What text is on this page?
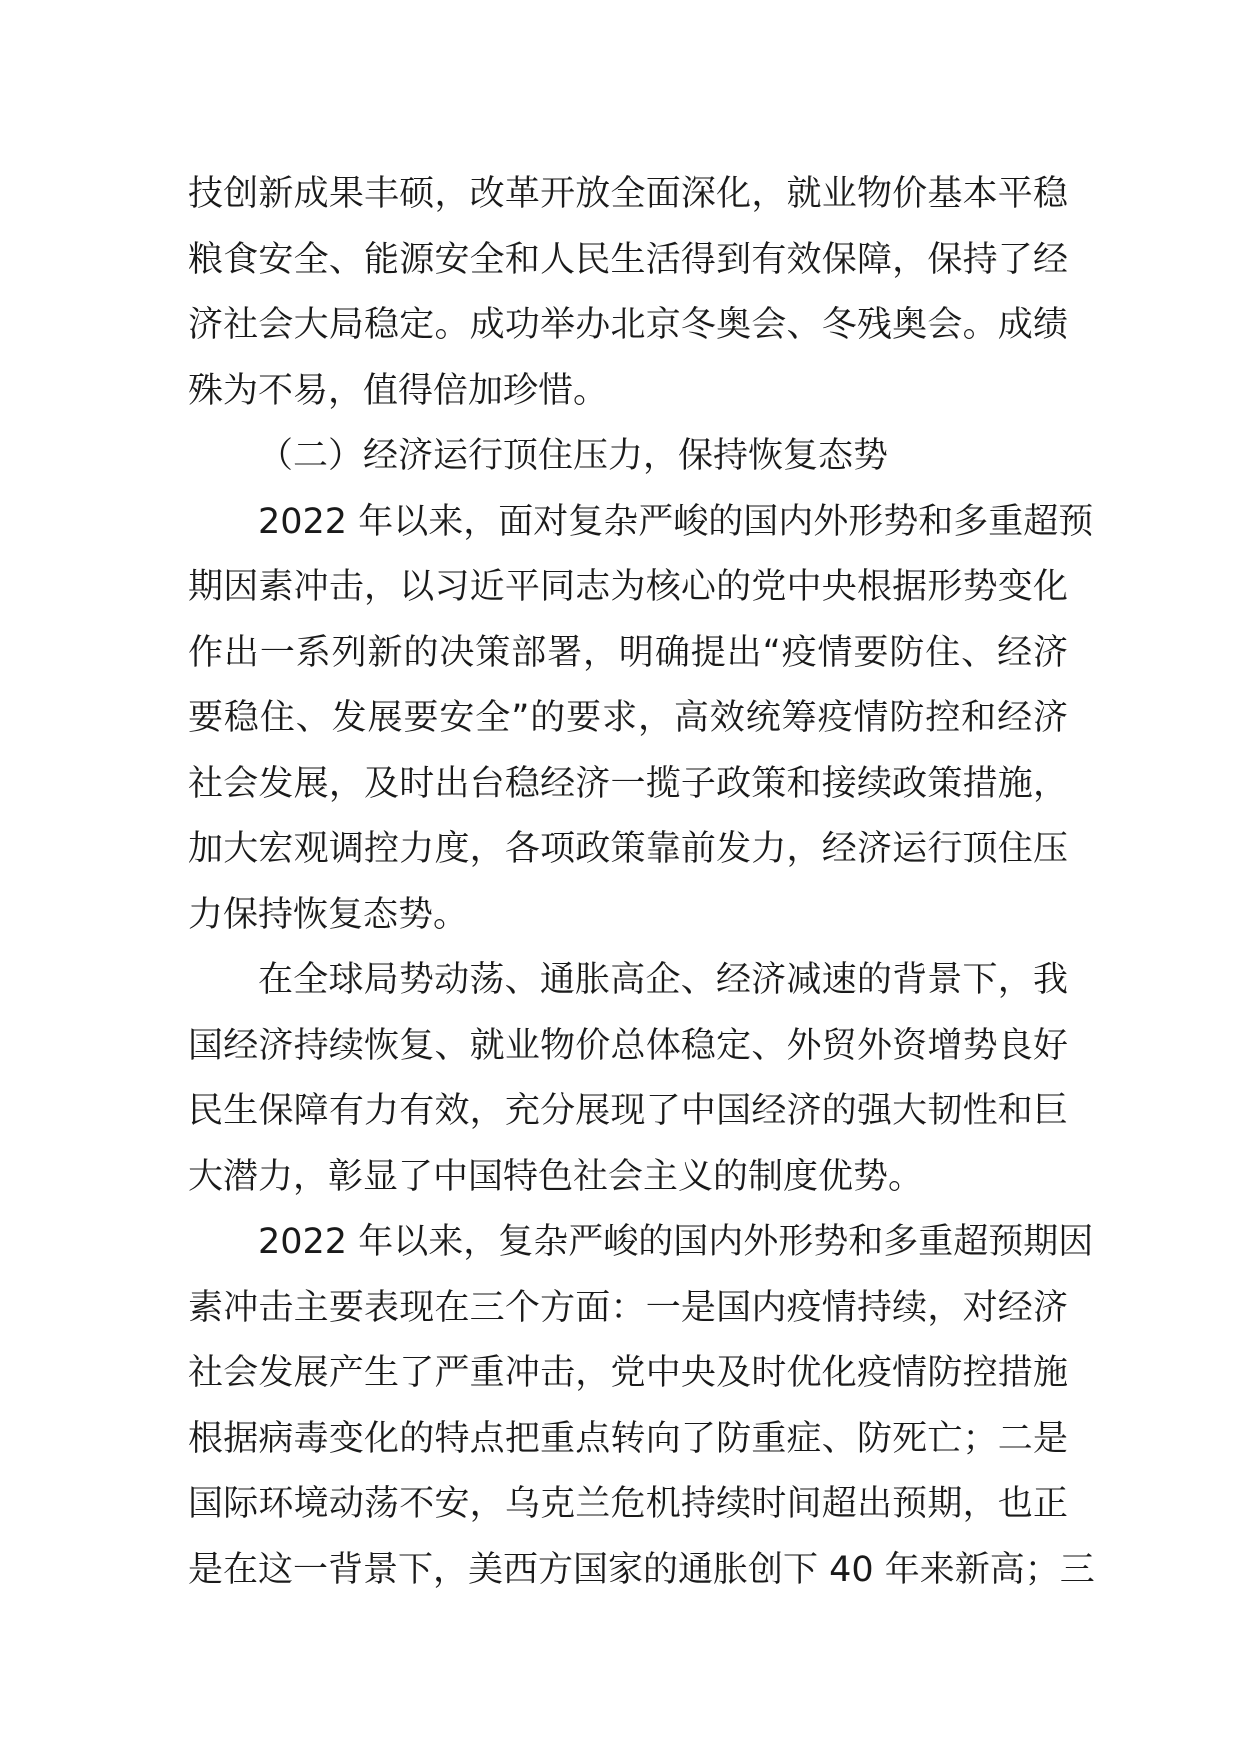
技创新成果丰硕，改革开放全面深化，就业物价基本平稳
粮食安全、能源安全和人民生活得到有效保障，保持了经
济社会大局稳定。成功举办北京冬奥会、冬残奥会。成绩
殊为不易，值得倍加珍惜。
（二）经济运行顶住压力，保持恢复态势
2022 年以来，面对复杂严峻的国内外形势和多重超预
期因素冲击，以习近平同志为核心的党中央根据形势变化
作出一系列新的决策部署，明确提出“疫情要防住、经济
要稳住、发展要安全”的要求，高效统筹疫情防控和经济
社会发展，及时出台稳经济一揽子政策和接续政策措施，
加大宏观调控力度，各项政策靠前发力，经济运行顶住压
力保持恢复态势。
在全球局势动荡、通胀高企、经济减速的背景下，我
国经济持续恢复、就业物价总体稳定、外贸外资增势良好
民生保障有力有效，充分展现了中国经济的强大韧性和巨
大潜力，彰显了中国特色社会主义的制度优势。
2022 年以来，复杂严峻的国内外形势和多重超预期因
素冲击主要表现在三个方面：一是国内疫情持续，对经济
社会发展产生了严重冲击，党中央及时优化疫情防控措施
根据病毒变化的特点把重点转向了防重症、防死亡；二是
国际环境动荡不安，乌克兰危机持续时间超出预期，也正
是在这一背景下，美西方国家的通胀创下 40 年来新高；三
